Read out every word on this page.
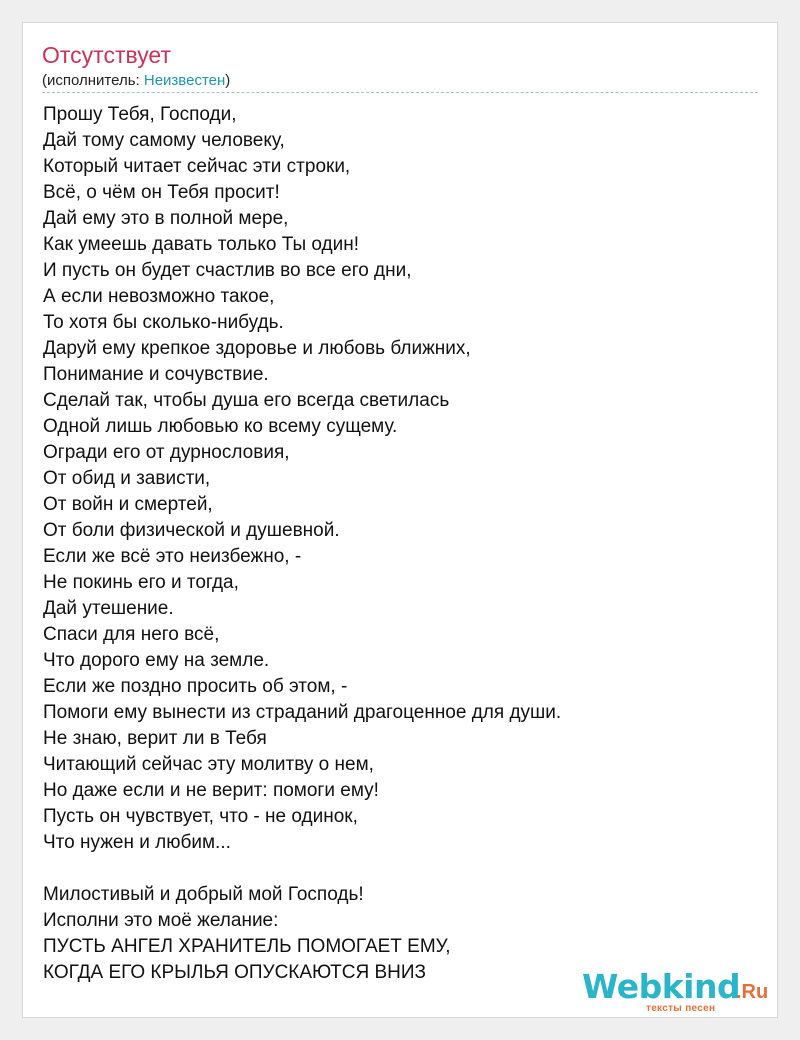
Отсутствует
(исполнитель: Неизвестен)
Прошу Тебя, Господи,
Дай тому самому человеку,
Который читает сейчас эти строки,
Всё, о чём он Тебя просит!
Дай ему это в полной мере,
Как умеешь давать только Ты один!
И пусть он будет счастлив во все его дни,
А если невозможно такое,
То хотя бы сколько-нибудь.
Даруй ему крепкое здоровье и любовь ближних,
Понимание и сочувствие.
Сделай так, чтобы душа его всегда светилась
Одной лишь любовью ко всему сущему.
Огради его от дурнословия,
От обид и зависти,
От войн и смертей,
От боли физической и душевной.
Если же всё это неизбежно, -
Не покинь его и тогда,
Дай утешение.
Спаси для него всё,
Что дорого ему на земле.
Если же поздно просить об этом, -
Помоги ему вынести из страданий драгоценное для души.
Не знаю, верит ли в Тебя
Читающий сейчас эту молитву о нем,
Но даже если и не верит: помоги ему!
Пусть он чувствует, что - не одинок,
Что нужен и любим...
Милостивый и добрый мой Господь!
Исполни это моё желание:
ПУСТЬ АНГЕЛ ХРАНИТЕЛЬ ПОМОГАЕТ ЕМУ,
КОГДА ЕГО КРЫЛЬЯ ОПУСКАЮТСЯ ВНИЗ	Webkind
.Ru
тексты песен
